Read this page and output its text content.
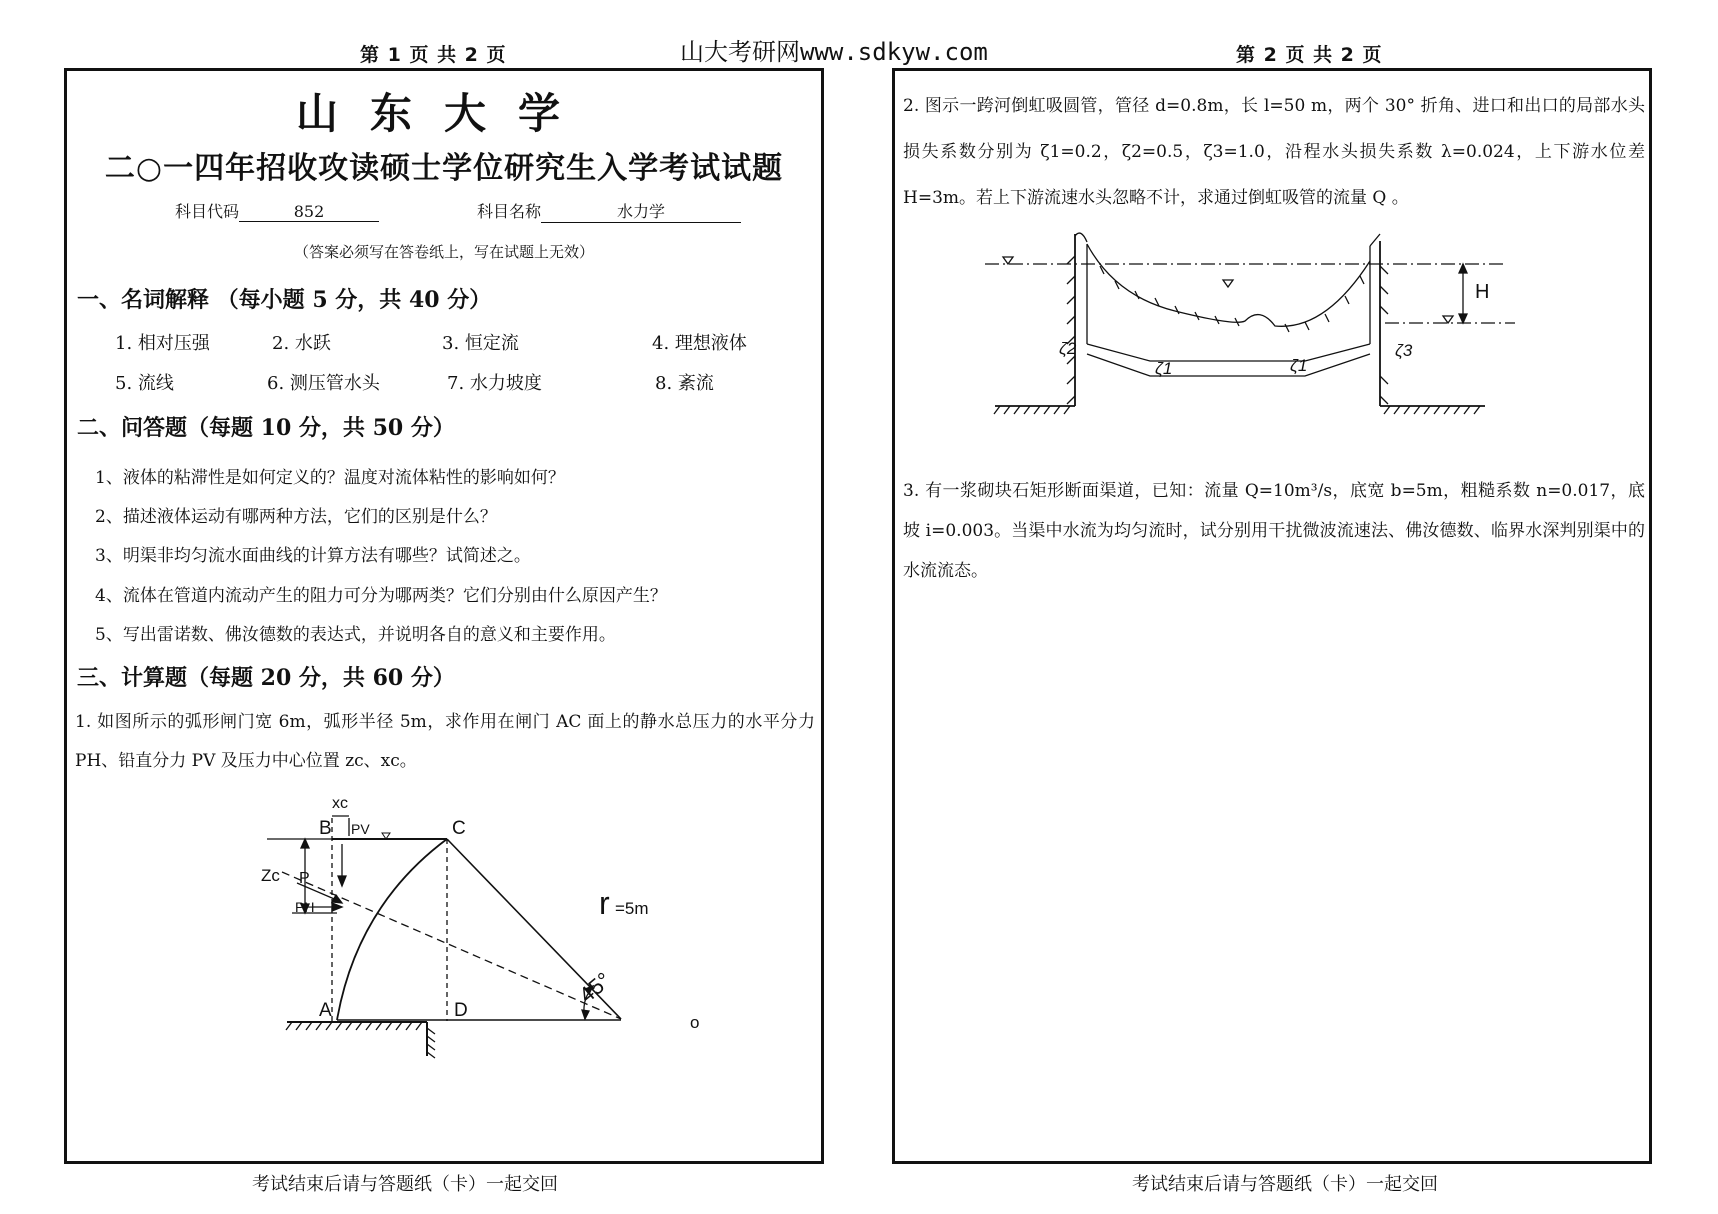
第 1 页 共 2 页	山大考研网www.sdkyw.com	第 2 页 共 2 页
山东大学
二○一四年招收攻读硕士学位研究生入学考试试题
科目代码	852	科目名称	水力学
（答案必须写在答卷纸上，写在试题上无效）
一、名词解释 （每小题 5 分，共 40 分）
1. 相对压强	2. 水跃	3. 恒定流	4. 理想液体
5. 流线	6. 测压管水头	7. 水力坡度	8. 紊流
二、问答题（每题 10 分，共 50 分）
1、液体的粘滞性是如何定义的？温度对流体粘性的影响如何？
2、描述液体运动有哪两种方法，它们的区别是什么？
3、明渠非均匀流水面曲线的计算方法有哪些？试简述之。
4、流体在管道内流动产生的阻力可分为哪两类？它们分别由什么原因产生？
5、写出雷诺数、佛汝德数的表达式，并说明各自的意义和主要作用。
三、计算题（每题 20 分，共 60 分）
1. 如图所示的弧形闸门宽 6m，弧形半径 5m，求作用在闸门 AC 面上的静水总压力的水平分力 PH、铅直分力 PV 及压力中心位置 zc、xc。
B	C
A	D
o
P
PH
PV
xc
Zc
r =5m
45°
考试结束后请与答题纸（卡）一起交回
2. 图示一跨河倒虹吸圆管，管径 d=0.8m，长 l=50 m，两个 30° 折角、进口和出口的局部水头损失系数分别为 ζ1=0.2，ζ2=0.5，ζ3=1.0，沿程水头损失系数 λ=0.024，上下游水位差 H=3m。若上下游流速水头忽略不计，求通过倒虹吸管的流量 Q 。
H
ζ1	ζ1
ζ2	ζ3
3. 有一浆砌块石矩形断面渠道，已知：流量 Q=10m³/s，底宽 b=5m，粗糙系数 n=0.017，底坡 i=0.003。当渠中水流为均匀流时，试分别用干扰微波流速法、佛汝德数、临界水深判别渠中的水流流态。
考试结束后请与答题纸（卡）一起交回
